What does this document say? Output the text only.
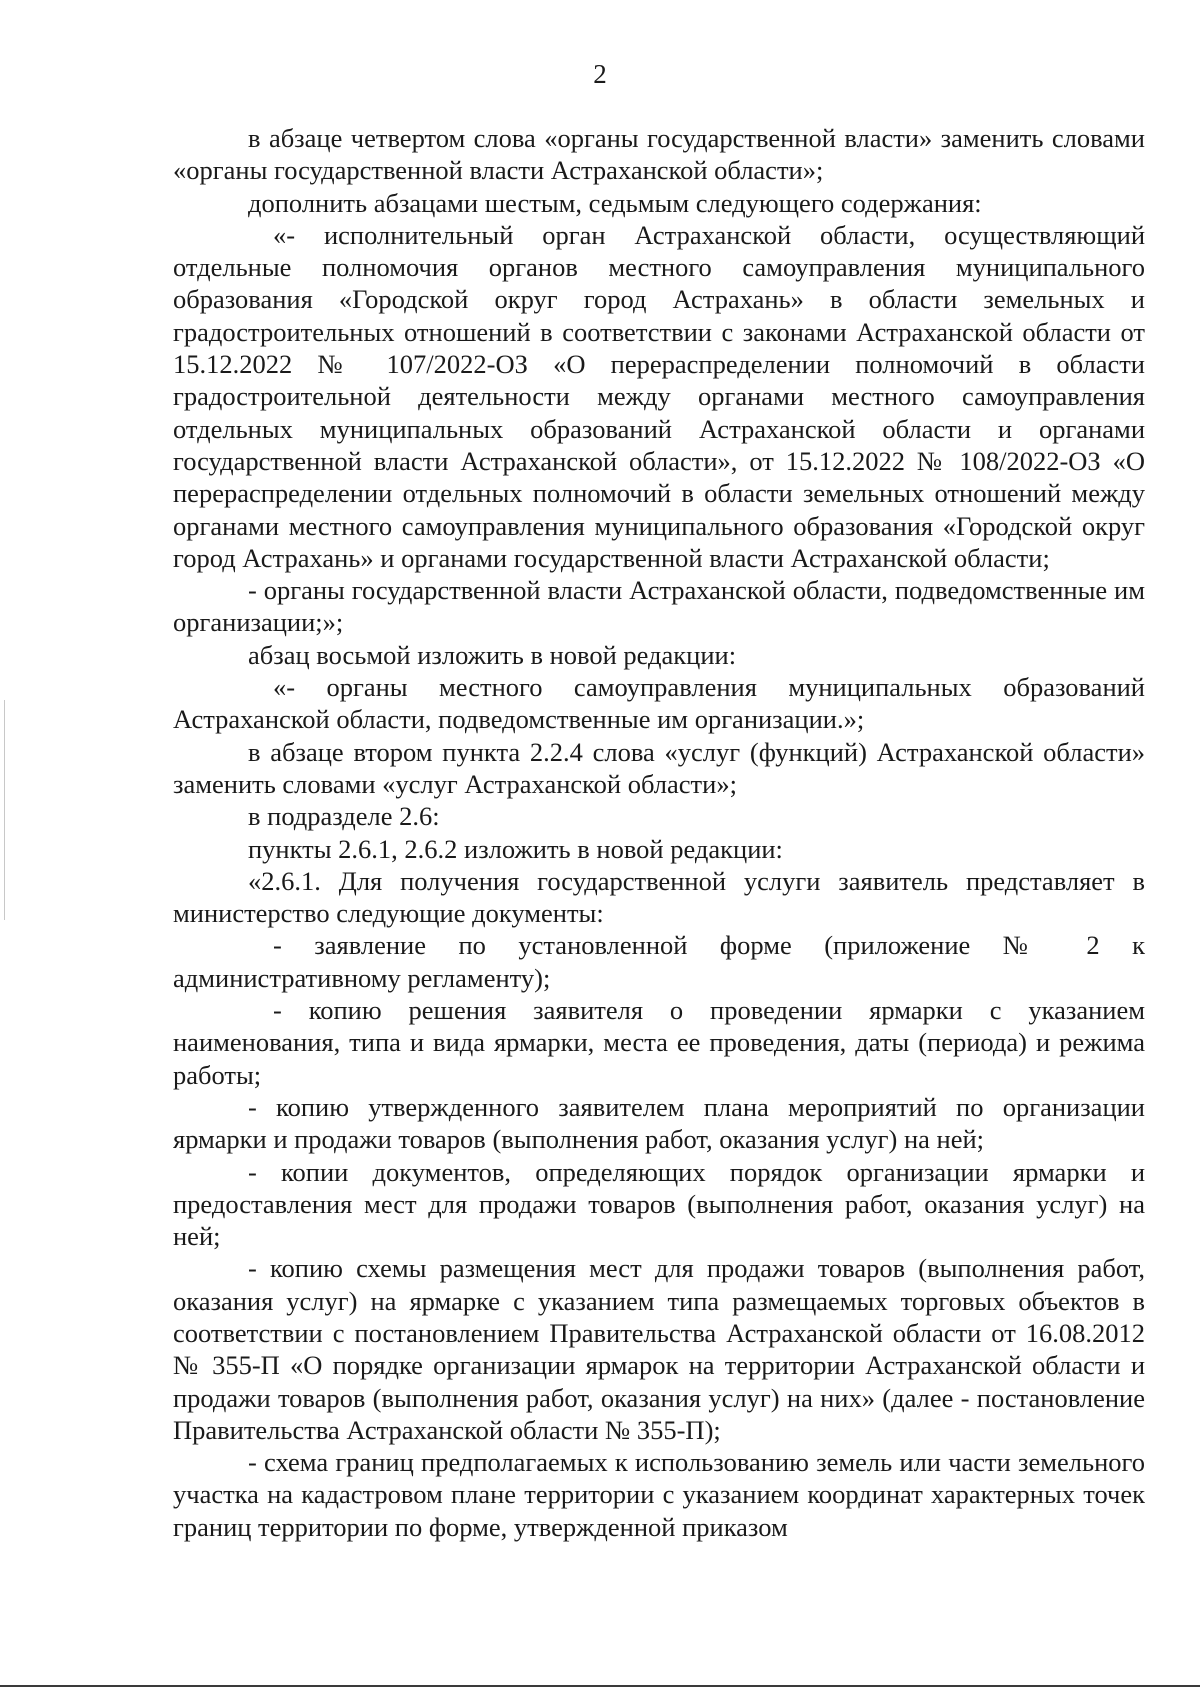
2

в абзаце четвертом слова «органы государственной власти» заменить словами «органы государственной власти Астраханской области»;

дополнить абзацами шестым, седьмым следующего содержания:

«- исполнительный орган Астраханской области, осуществляющий отдельные полномочия органов местного самоуправления муниципального образования «Городской округ город Астрахань» в области земельных и градостроительных отношений в соответствии с законами Астраханской области от 15.12.2022 № 107/2022-ОЗ «О перераспределении полномочий в области градостроительной деятельности между органами местного самоуправления отдельных муниципальных образований Астраханской области и органами государственной власти Астраханской области», от 15.12.2022 № 108/2022-ОЗ «О перераспределении отдельных полномочий в области земельных отношений между органами местного самоуправления муниципального образования «Городской округ город Астрахань» и органами государственной власти Астраханской области;

- органы государственной власти Астраханской области, подведомственные им организации;»;

абзац восьмой изложить в новой редакции:

«- органы местного самоуправления муниципальных образований Астраханской области, подведомственные им организации.»;

в абзаце втором пункта 2.2.4 слова «услуг (функций) Астраханской области» заменить словами «услуг Астраханской области»;

в подразделе 2.6:

пункты 2.6.1, 2.6.2 изложить в новой редакции:

«2.6.1. Для получения государственной услуги заявитель представляет в министерство следующие документы:

- заявление по установленной форме (приложение № 2 к административному регламенту);

- копию решения заявителя о проведении ярмарки с указанием наименования, типа и вида ярмарки, места ее проведения, даты (периода) и режима работы;

- копию утвержденного заявителем плана мероприятий по организации ярмарки и продажи товаров (выполнения работ, оказания услуг) на ней;

- копии документов, определяющих порядок организации ярмарки и предоставления мест для продажи товаров (выполнения работ, оказания услуг) на ней;

- копию схемы размещения мест для продажи товаров (выполнения работ, оказания услуг) на ярмарке с указанием типа размещаемых торговых объектов в соответствии с постановлением Правительства Астраханской области от 16.08.2012 № 355-П «О порядке организации ярмарок на территории Астраханской области и продажи товаров (выполнения работ, оказания услуг) на них» (далее - постановление Правительства Астраханской области № 355-П);

- схема границ предполагаемых к использованию земель или части земельного участка на кадастровом плане территории с указанием координат характерных точек границ территории по форме, утвержденной приказом
